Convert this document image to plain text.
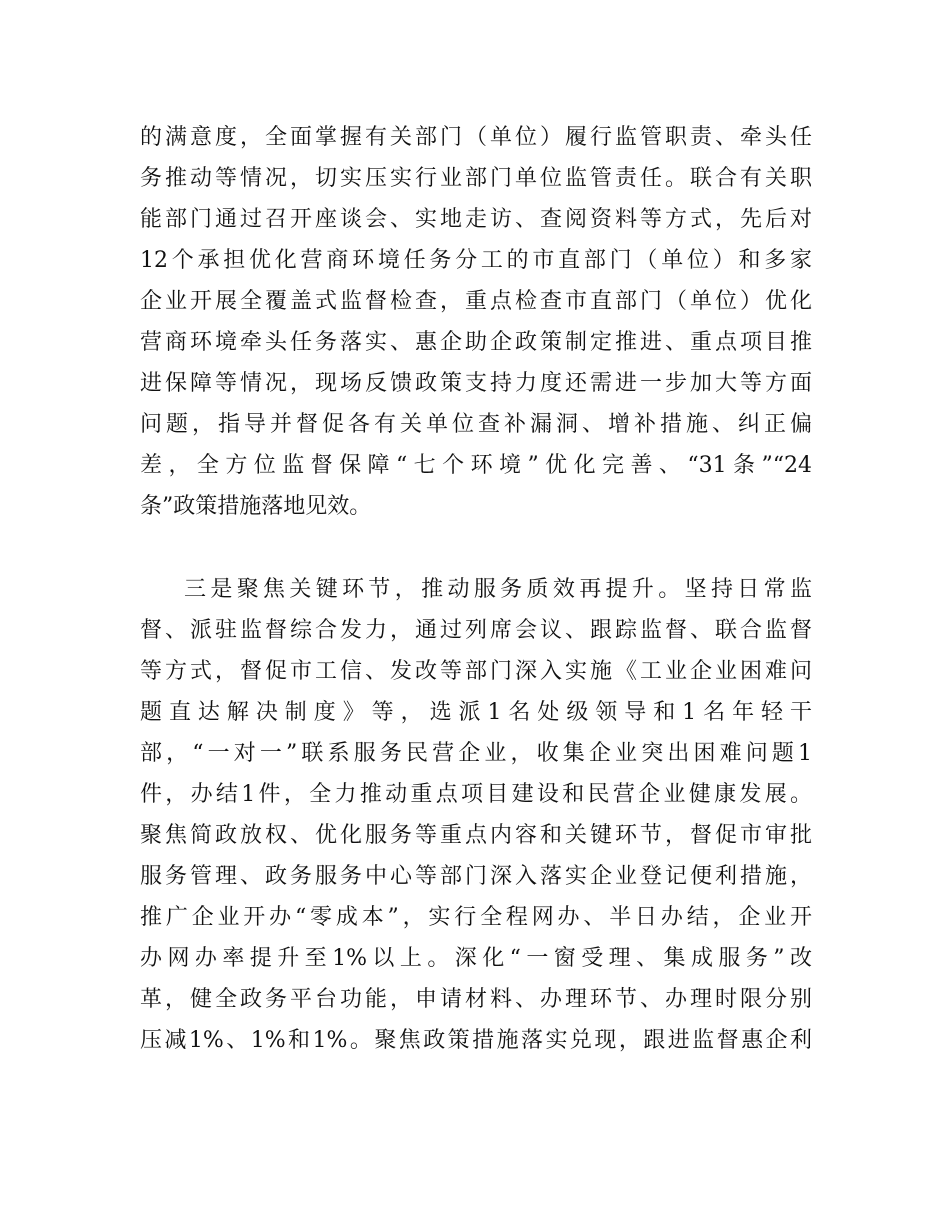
的满意度，全面掌握有关部门（单位）履行监管职责、牵头任
务推动等情况，切实压实行业部门单位监管责任。联合有关职
能部门通过召开座谈会、实地走访、查阅资料等方式，先后对
12个承担优化营商环境任务分工的市直部门（单位）和多家
企业开展全覆盖式监督检查，重点检查市直部门（单位）优化
营商环境牵头任务落实、惠企助企政策制定推进、重点项目推
进保障等情况，现场反馈政策支持力度还需进一步加大等方面
问题，指导并督促各有关单位查补漏洞、增补措施、纠正偏
差，全方位监督保障“七个环境”优化完善、“31条”“24
条”政策措施落地见效。
三是聚焦关键环节，推动服务质效再提升。坚持日常监
督、派驻监督综合发力，通过列席会议、跟踪监督、联合监督
等方式，督促市工信、发改等部门深入实施《工业企业困难问
题直达解决制度》等，选派1名处级领导和1名年轻干
部，“一对一”联系服务民营企业，收集企业突出困难问题1
件，办结1件，全力推动重点项目建设和民营企业健康发展。
聚焦简政放权、优化服务等重点内容和关键环节，督促市审批
服务管理、政务服务中心等部门深入落实企业登记便利措施，
推广企业开办“零成本”，实行全程网办、半日办结，企业开
办网办率提升至1%以上。深化“一窗受理、集成服务”改
革，健全政务平台功能，申请材料、办理环节、办理时限分别
压减1%、1%和1%。聚焦政策措施落实兑现，跟进监督惠企利
